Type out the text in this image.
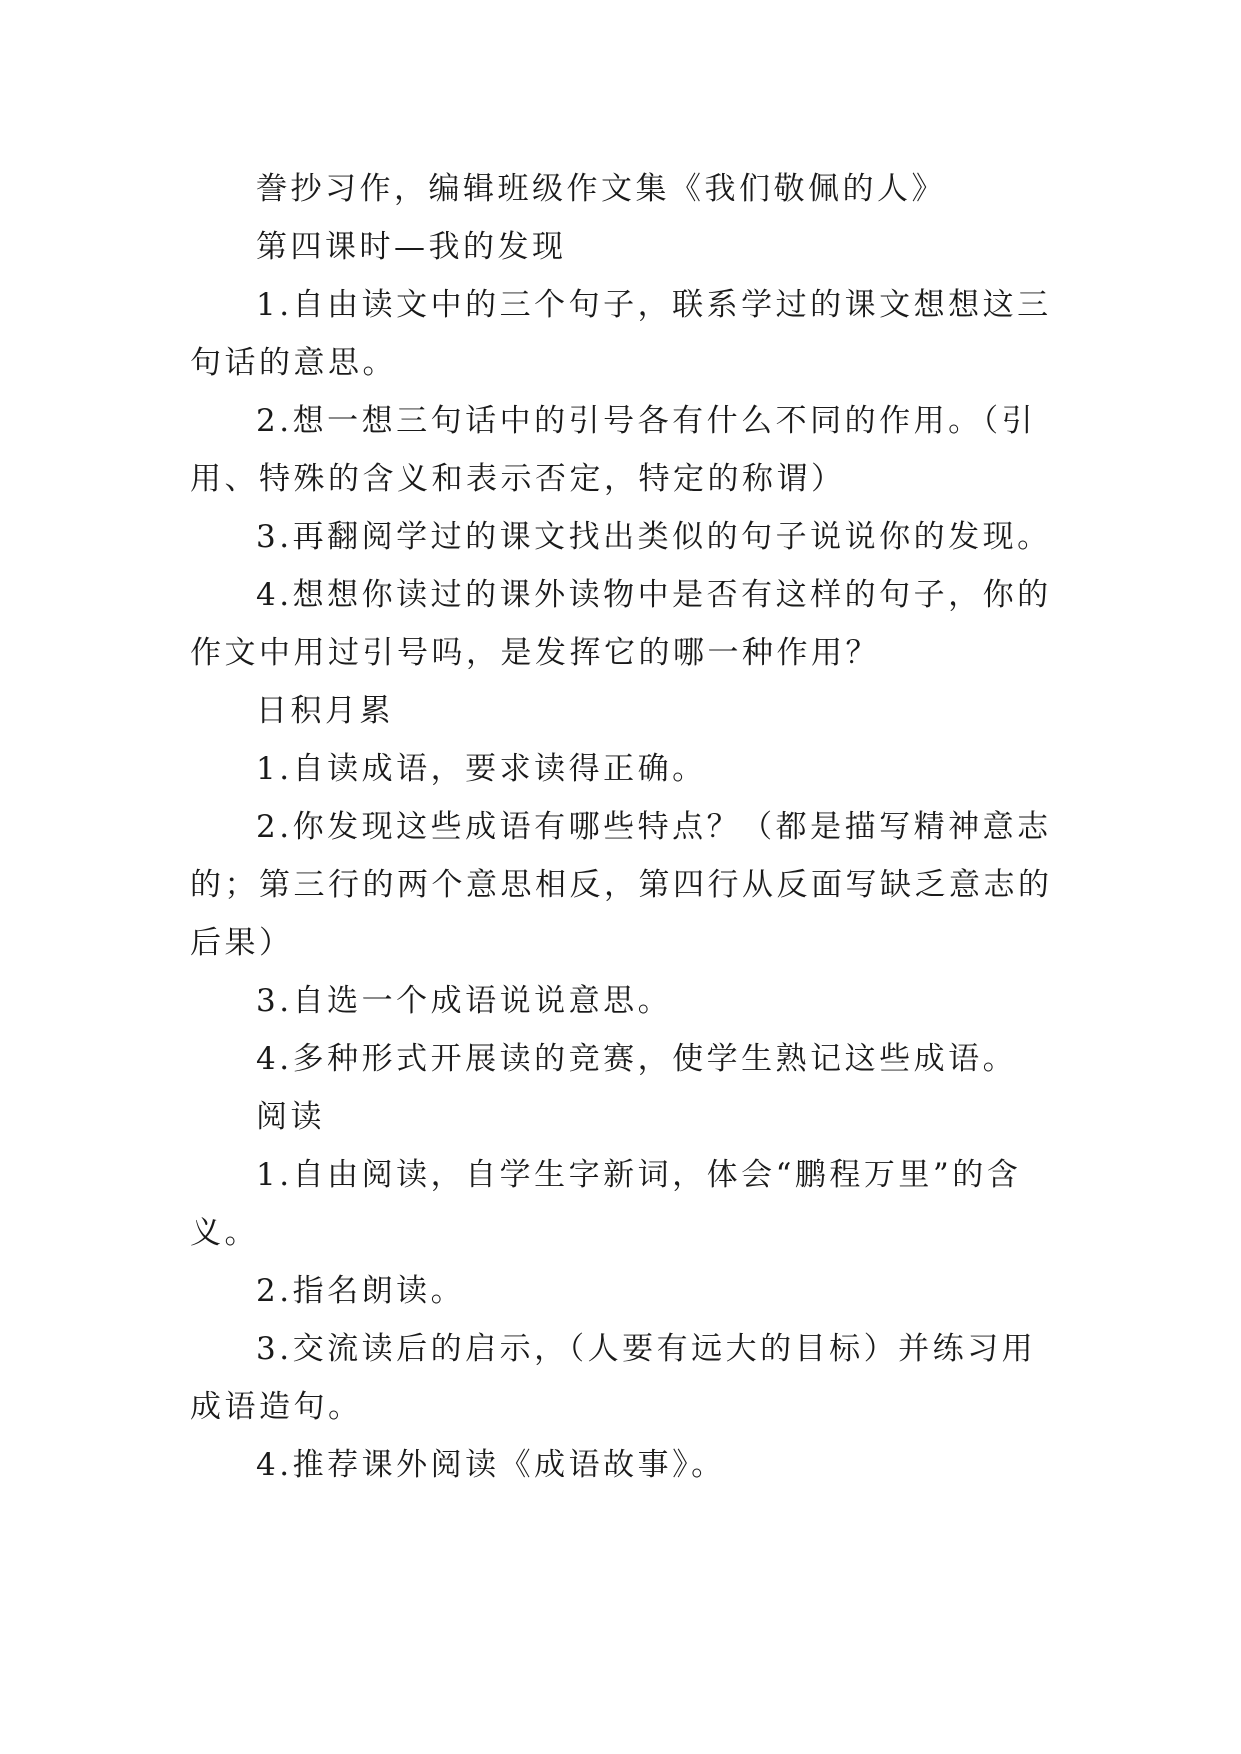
誊抄习作，编辑班级作文集《我们敬佩的人》

第四课时—我的发现

1.自由读文中的三个句子，联系学过的课文想想这三句话的意思。

2.想一想三句话中的引号各有什么不同的作用。（引用、特殊的含义和表示否定，特定的称谓）

3.再翻阅学过的课文找出类似的句子说说你的发现。

4.想想你读过的课外读物中是否有这样的句子，你的作文中用过引号吗，是发挥它的哪一种作用？

日积月累

1.自读成语，要求读得正确。

2.你发现这些成语有哪些特点？（都是描写精神意志的；第三行的两个意思相反，第四行从反面写缺乏意志的后果）

3.自选一个成语说说意思。

4.多种形式开展读的竞赛，使学生熟记这些成语。

阅读

1.自由阅读，自学生字新词，体会“鹏程万里”的含义。

2.指名朗读。

3.交流读后的启示，（人要有远大的目标）并练习用成语造句。

4.推荐课外阅读《成语故事》。
